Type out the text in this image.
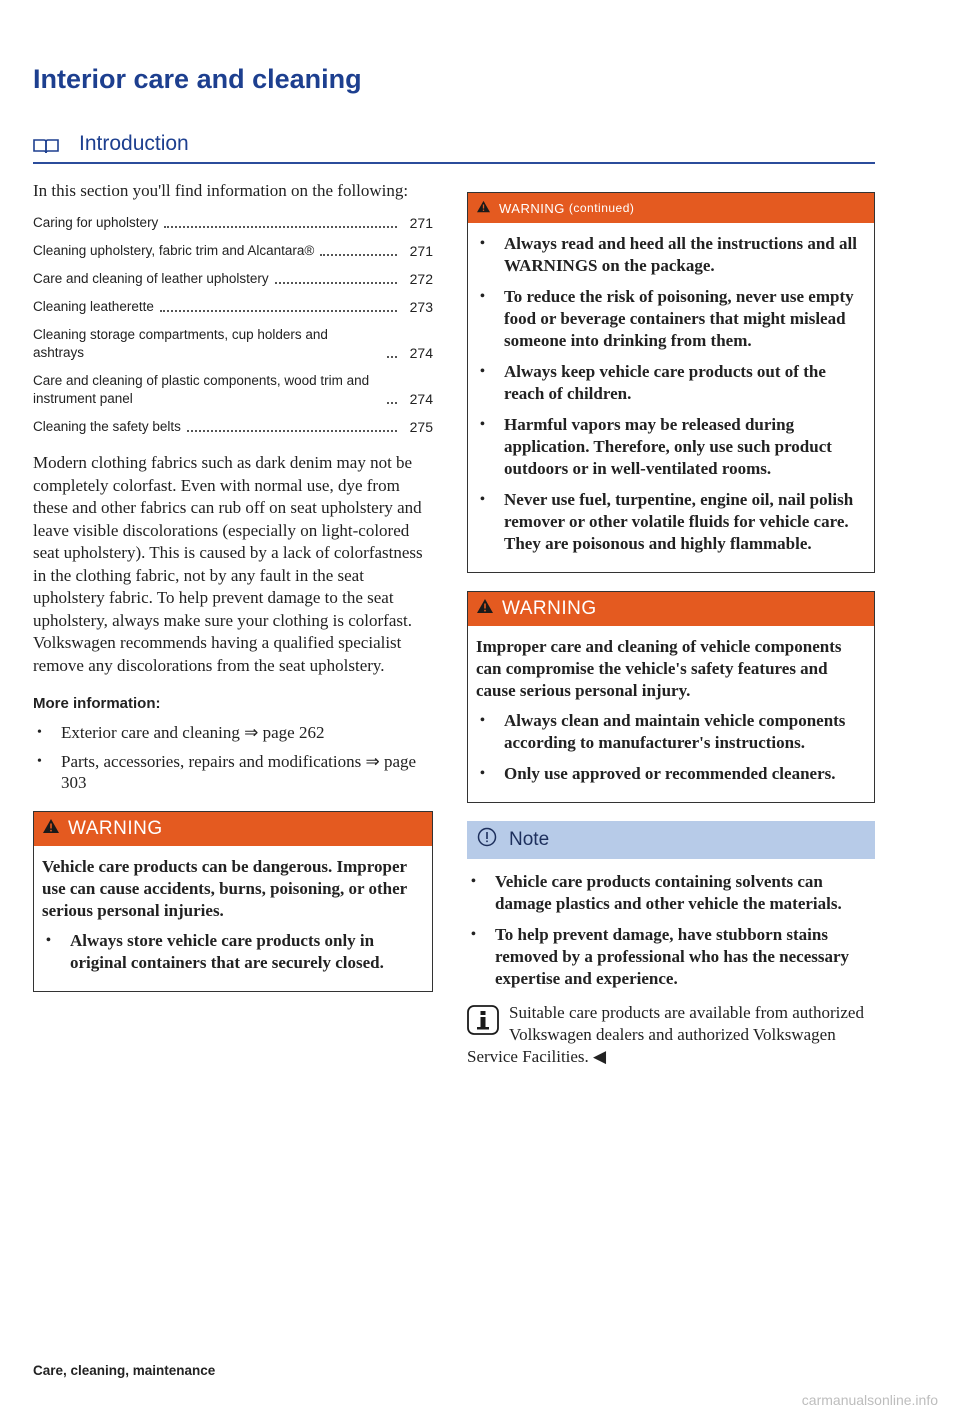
Interior care and cleaning
Introduction

In this section you'll find information on the following:

Caring for upholstery	271
Cleaning upholstery, fabric trim and Alcantara®	271
Care and cleaning of leather upholstery	272
Cleaning leatherette	273
Cleaning storage compartments, cup holders and ashtrays	274
Care and cleaning of plastic components, wood trim and instrument panel	274
Cleaning the safety belts	275

Modern clothing fabrics such as dark denim may not be completely colorfast. Even with normal use, dye from these and other fabrics can rub off on seat upholstery and leave visible discolorations (especially on light-colored seat upholstery). This is caused by a lack of colorfastness in the clothing fabric, not by any fault in the seat upholstery fabric. To help prevent damage to the seat upholstery, always make sure your clothing is colorfast. Volkswagen recommends having a qualified specialist remove any discolorations from the seat upholstery.

More information:
• Exterior care and cleaning ⇒ page 262
• Parts, accessories, repairs and modifications ⇒ page 303
WARNING

Vehicle care products can be dangerous. Improper use can cause accidents, burns, poisoning, or other serious personal injuries.

• Always store vehicle care products only in original containers that are securely closed.
WARNING (continued)
• Always read and heed all the instructions and all WARNINGS on the package.
• To reduce the risk of poisoning, never use empty food or beverage containers that might mislead someone into drinking from them.
• Always keep vehicle care products out of the reach of children.
• Harmful vapors may be released during application. Therefore, only use such product outdoors or in well-ventilated rooms.
• Never use fuel, turpentine, engine oil, nail polish remover or other volatile fluids for vehicle care. They are poisonous and highly flammable.
WARNING

Improper care and cleaning of vehicle components can compromise the vehicle's safety features and cause serious personal injury.

• Always clean and maintain vehicle components according to manufacturer's instructions.
• Only use approved or recommended cleaners.
Note
• Vehicle care products containing solvents can damage plastics and other vehicle the materials.
• To help prevent damage, have stubborn stains removed by a professional who has the necessary expertise and experience.
Suitable care products are available from authorized Volkswagen dealers and authorized Volkswagen Service Facilities. ◀
Care, cleaning, maintenance
carmanualsonline.info
